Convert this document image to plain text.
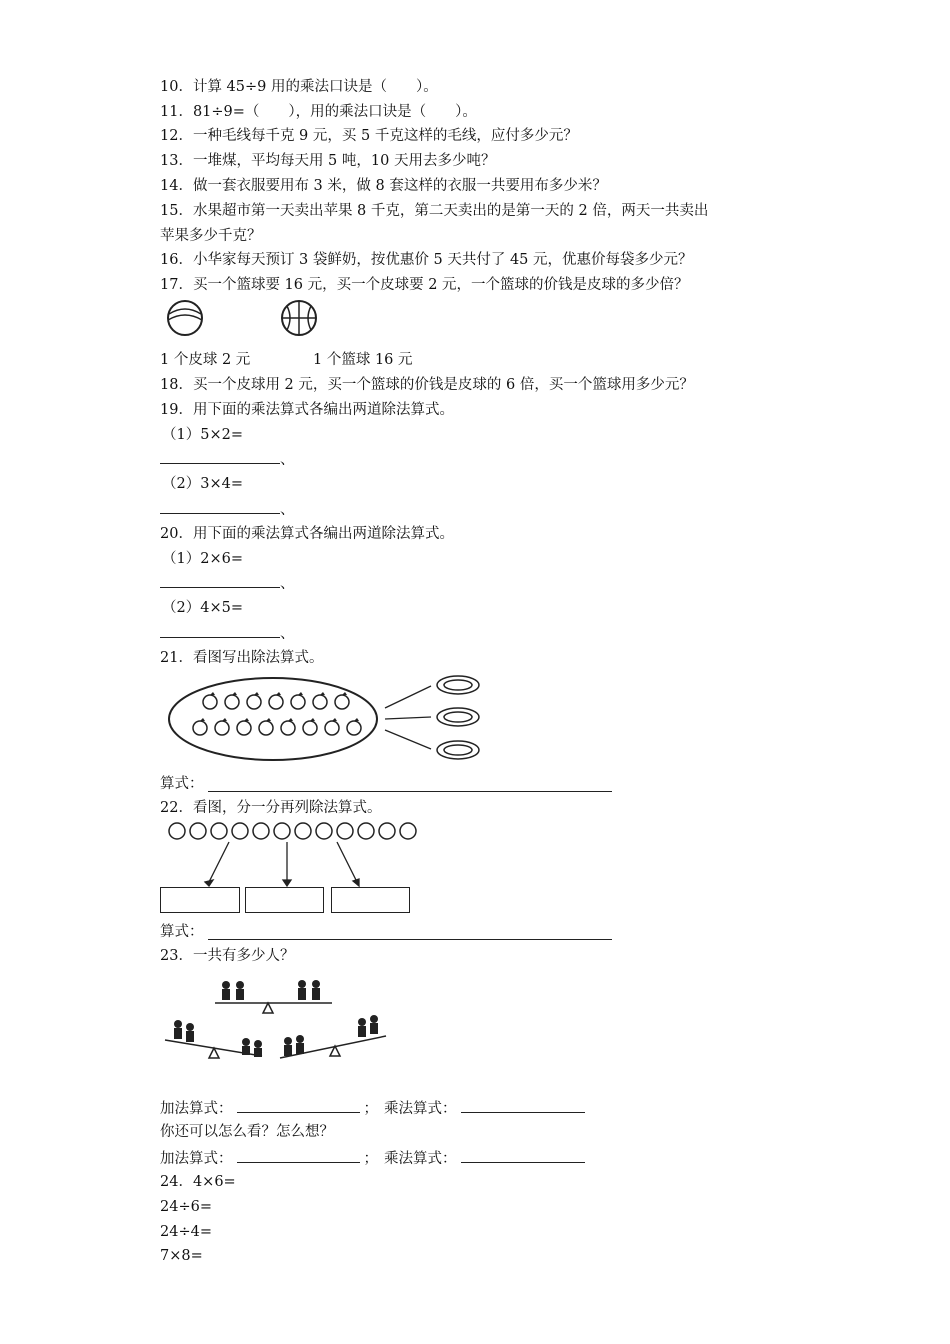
10．计算 45÷9 用的乘法口诀是（　　）。
11．81÷9=（　　），用的乘法口诀是（　　）。
12．一种毛线每千克 9 元，买 5 千克这样的毛线，应付多少元？
13．一堆煤，平均每天用 5 吨，10 天用去多少吨？
14．做一套衣服要用布 3 米，做 8 套这样的衣服一共要用布多少米？
15．水果超市第一天卖出苹果 8 千克，第二天卖出的是第一天的 2 倍，两天一共卖出
苹果多少千克？
16．小华家每天预订 3 袋鲜奶，按优惠价 5 天共付了 45 元，优惠价每袋多少元？
17．买一个篮球要 16 元，买一个皮球要 2 元，一个篮球的价钱是皮球的多少倍？
1 个皮球 2 元	1 个篮球 16 元
18．买一个皮球用 2 元，买一个篮球的价钱是皮球的 6 倍，买一个篮球用多少元？
19．用下面的乘法算式各编出两道除法算式。
（1）5×2=
、
（2）3×4=
、
20．用下面的乘法算式各编出两道除法算式。
（1）2×6=
、
（2）4×5=
、
21．看图写出除法算式。
算式：
22．看图，分一分再列除法算式。
算式：
23．一共有多少人？
加法算式：	； 乘法算式：
你还可以怎么看？怎么想？
加法算式：	； 乘法算式：
24．4×6=
24÷6=
24÷4=
7×8=
